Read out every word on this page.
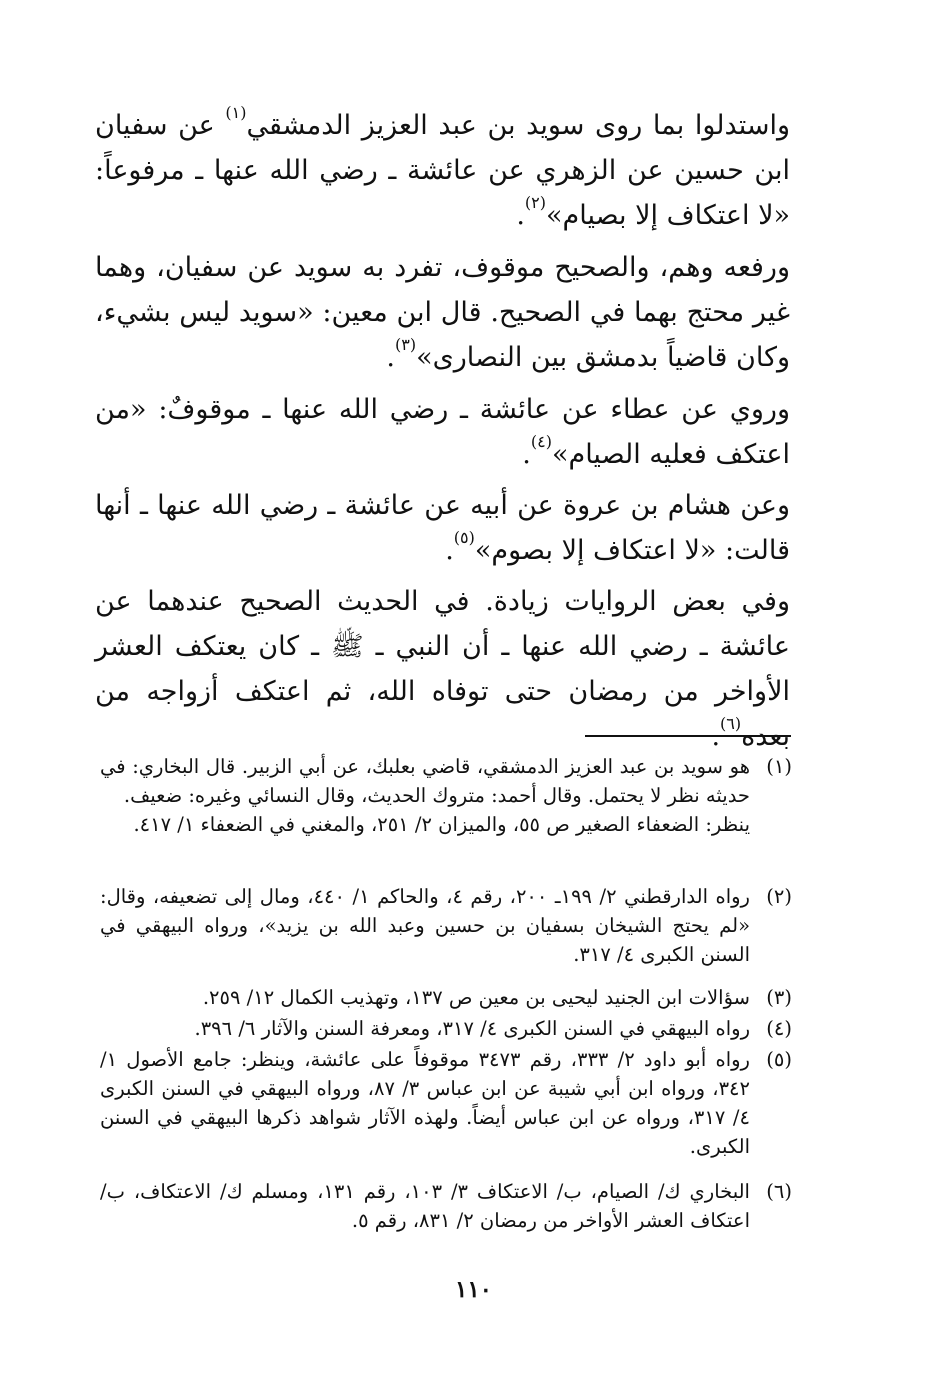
واستدلوا بما روى سويد بن عبد العزيز الدمشقي$^{(١)}$ عن سفيان ابن حسين عن الزهري عن عائشة ـ رضي الله عنها ـ مرفوعاً: «لا اعتكاف إلا بصيام»$^{(٢)}$.

ورفعه وهم، والصحيح موقوف، تفرد به سويد عن سفيان، وهما غير محتج بهما في الصحيح. قال ابن معين: «سويد ليس بشيء، وكان قاضياً بدمشق بين النصارى»$^{(٣)}$.

وروي عن عطاء عن عائشة ـ رضي الله عنها ـ موقوفٌ: «من اعتكف فعليه الصيام»$^{(٤)}$.

وعن هشام بن عروة عن أبيه عن عائشة ـ رضي الله عنها ـ أنها قالت: «لا اعتكاف إلا بصوم»$^{(٥)}$.

وفي بعض الروايات زيادة. في الحديث الصحيح عندهما عن عائشة ـ رضي الله عنها ـ أن النبي ـ ﷺ ـ كان يعتكف العشر الأواخر من رمضان حتى توفاه الله، ثم اعتكف أزواجه من بعده$^{(٦)}$.

(١)

هو سويد بن عبد العزيز الدمشقي، قاضي بعلبك، عن أبي الزبير. قال البخاري: في حديثه نظر لا يحتمل. وقال أحمد: متروك الحديث، وقال النسائي وغيره: ضعيف.

ينظر: الضعفاء الصغير ص ٥٥، والميزان ٢/ ٢٥١، والمغني في الضعفاء ١/ ٤١٧.

(٢)

رواه الدارقطني ٢/ ١٩٩ـ ٢٠٠، رقم ٤، والحاكم ١/ ٤٤٠، ومال إلى تضعيفه، وقال: «لم يحتج الشيخان بسفيان بن حسين وعبد الله بن يزيد»، ورواه البيهقي في السنن الكبرى ٤/ ٣١٧.

(٣)

سؤالات ابن الجنيد ليحيى بن معين ص ١٣٧، وتهذيب الكمال ١٢/ ٢٥٩.

(٤)

رواه البيهقي في السنن الكبرى ٤/ ٣١٧، ومعرفة السنن والآثار ٦/ ٣٩٦.

(٥)

رواه أبو داود ٢/ ٣٣٣، رقم ٣٤٧٣ موقوفاً على عائشة، وينظر: جامع الأصول ١/ ٣٤٢، ورواه ابن أبي شيبة عن ابن عباس ٣/ ٨٧، ورواه البيهقي في السنن الكبرى ٤/ ٣١٧، ورواه عن ابن عباس أيضاً. ولهذه الآثار شواهد ذكرها البيهقي في السنن الكبرى.

(٦)

البخاري ك/ الصيام، ب/ الاعتكاف ٣/ ١٠٣، رقم ١٣١، ومسلم ك/ الاعتكاف، ب/ اعتكاف العشر الأواخر من رمضان ٢/ ٨٣١، رقم ٥.

١١٠
